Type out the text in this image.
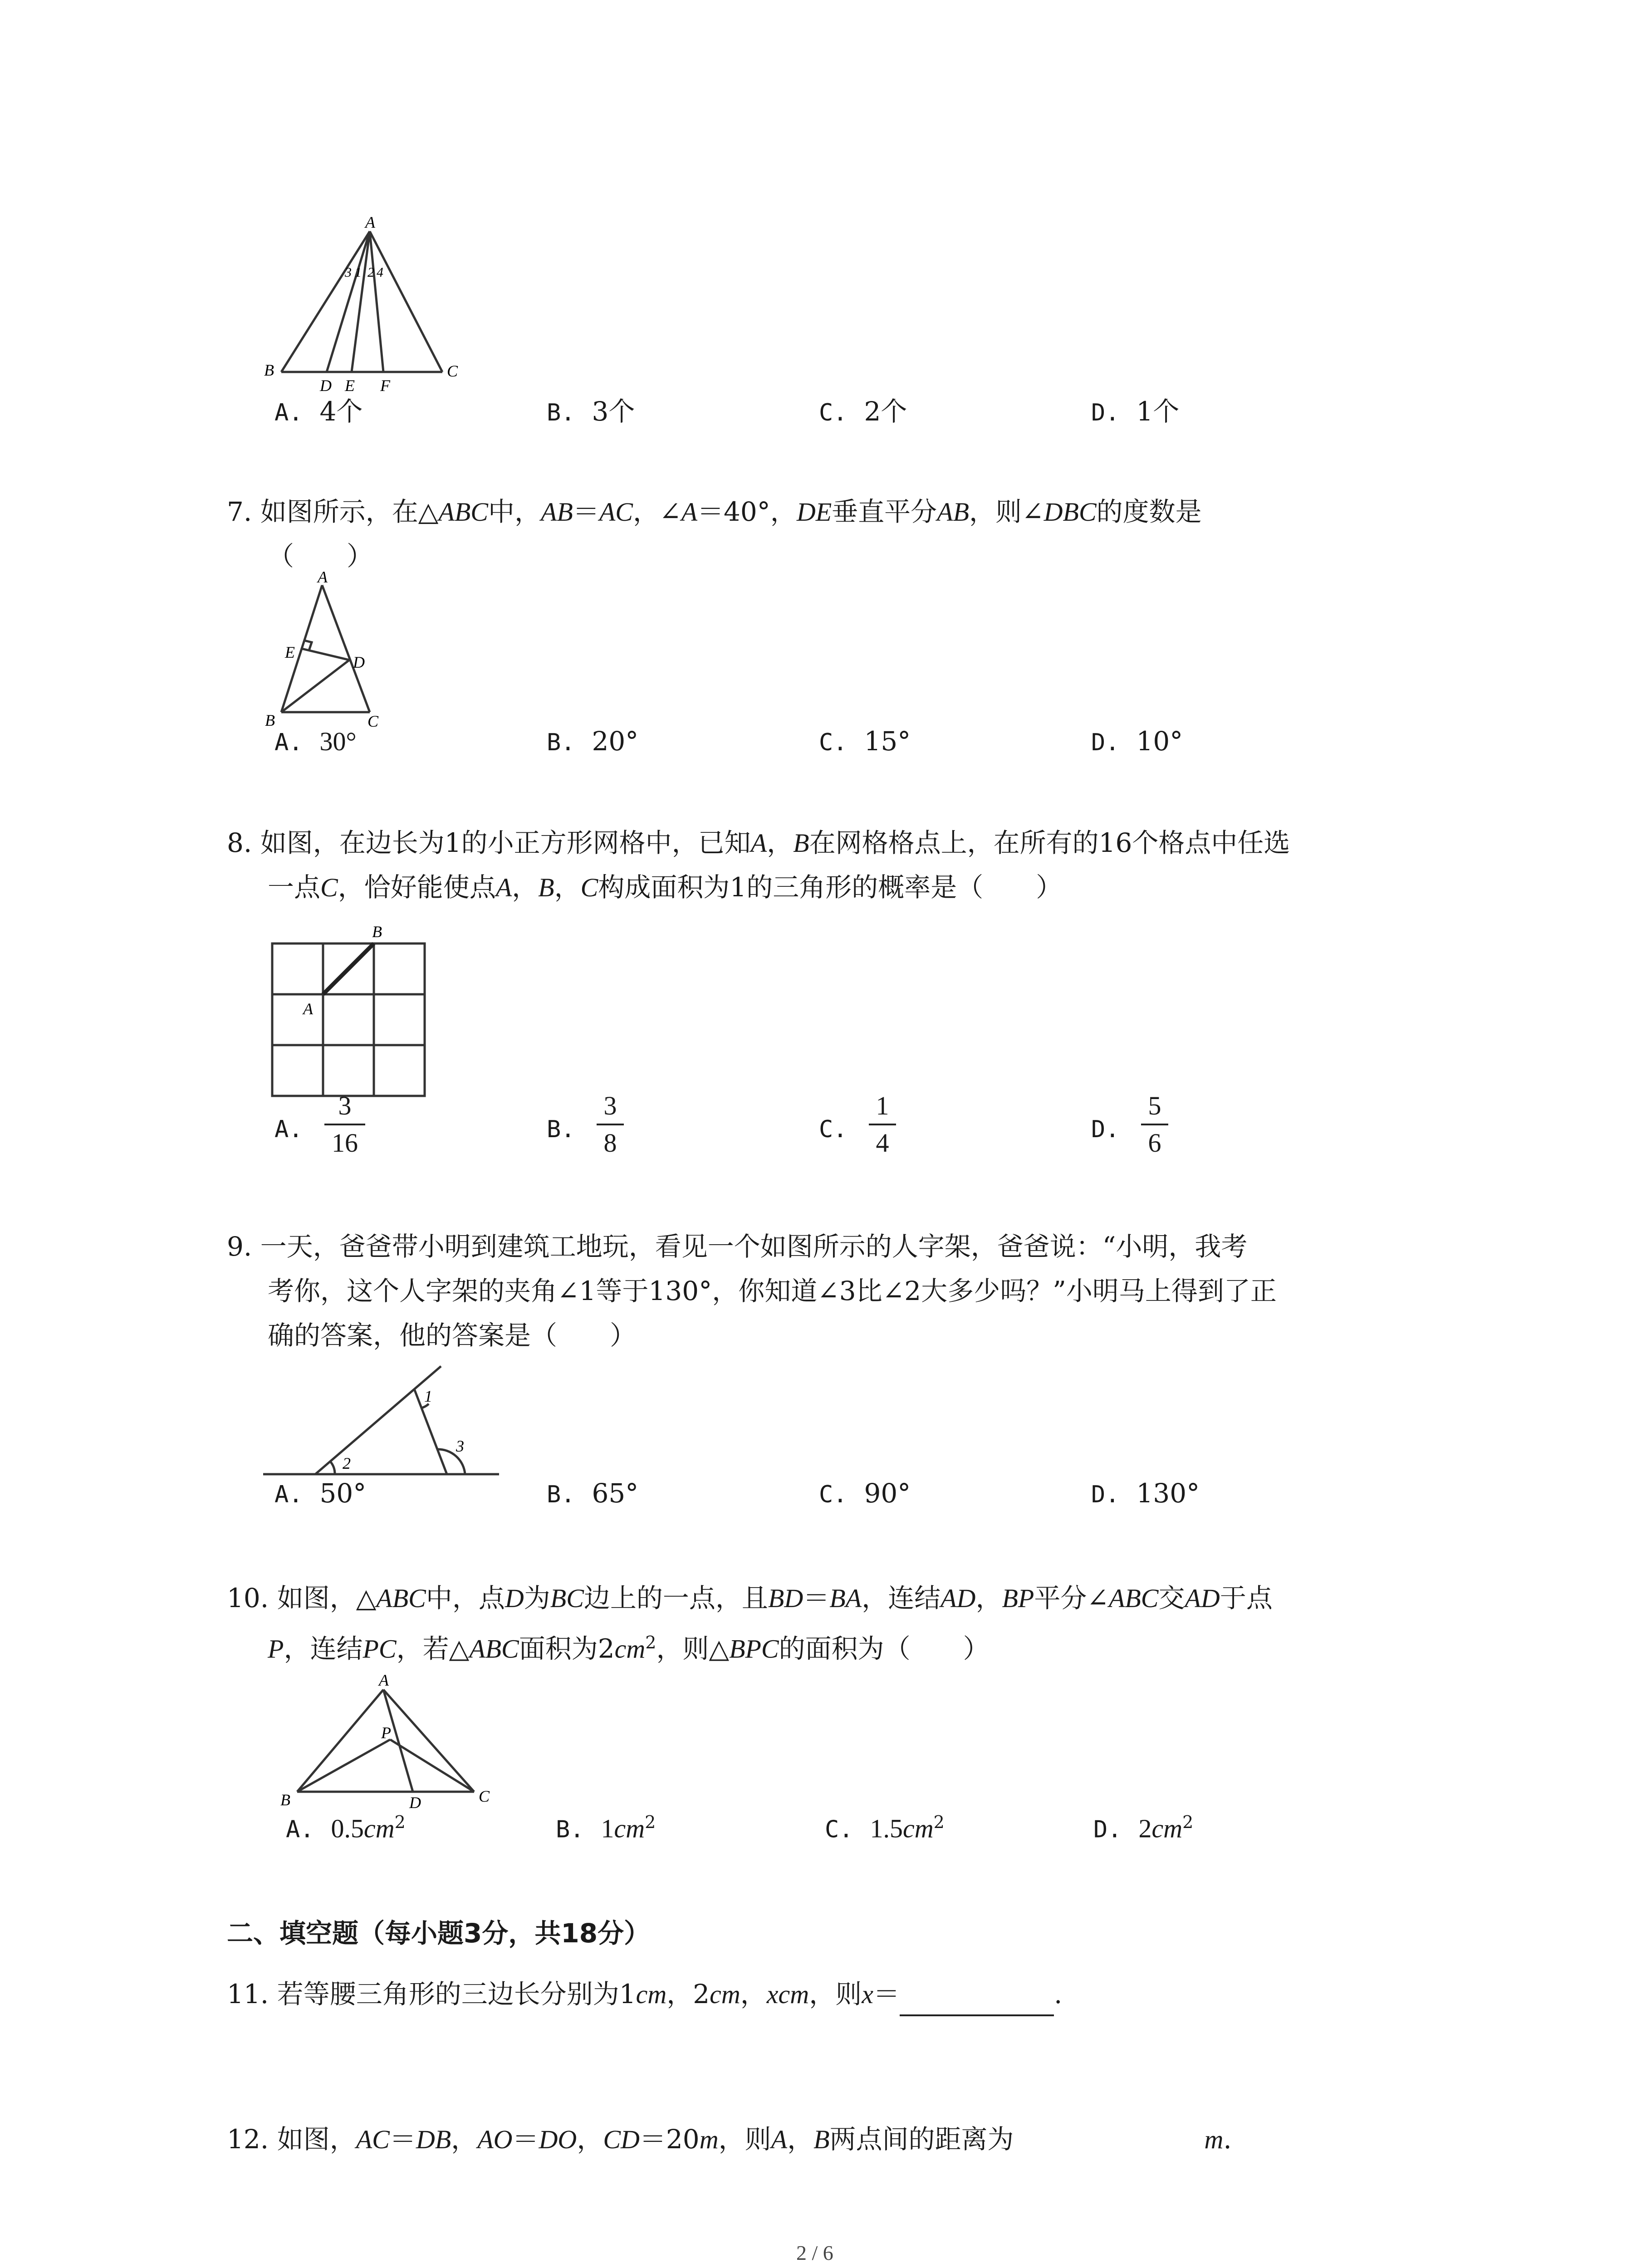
A
B	C
D E F
3 1 2 4
A. 4个	B. 3个	C. 2个	D. 1个
7. 如图所示，在△ABC中，AB＝AC，∠A＝40°，DE垂直平分AB，则∠DBC的度数是
（　　）
A
E
D
B	C
A. 30°	B. 20°	C. 15°	D. 10°
8. 如图，在边长为1的小正方形网格中，已知A，B在网格格点上，在所有的16个格点中任选
一点C，恰好能使点A，B，C构成面积为1的三角形的概率是（　　）
B
A
A.
3
16	B.
3
8	C.
1
4	D.
5
6
9. 一天，爸爸带小明到建筑工地玩，看见一个如图所示的人字架，爸爸说：“小明，我考
考你，这个人字架的夹角∠1等于130°，你知道∠3比∠2大多少吗？”小明马上得到了正
确的答案，他的答案是（　　）
1
2
3
A. 50°	B. 65°	C. 90°	D. 130°
10. 如图，△ABC中，点D为BC边上的一点，且BD＝BA，连结AD，BP平分∠ABC交AD于点
P，连结PC，若△ABC面积为$2cm^2$，则△BPC的面积为（　　）
A
P
B	D	C
A. $0.5cm^2$	B. $1cm^2$	C. $1.5cm^2$	D. $2cm^2$
二、填空题（每小题3分，共18分）
11. 若等腰三角形的三边长分别为1cm，2cm，xcm，则x＝	.
12. 如图，AC＝DB，AO＝DO，CD＝20m，则A，B两点间的距离为	m.
2 / 6
